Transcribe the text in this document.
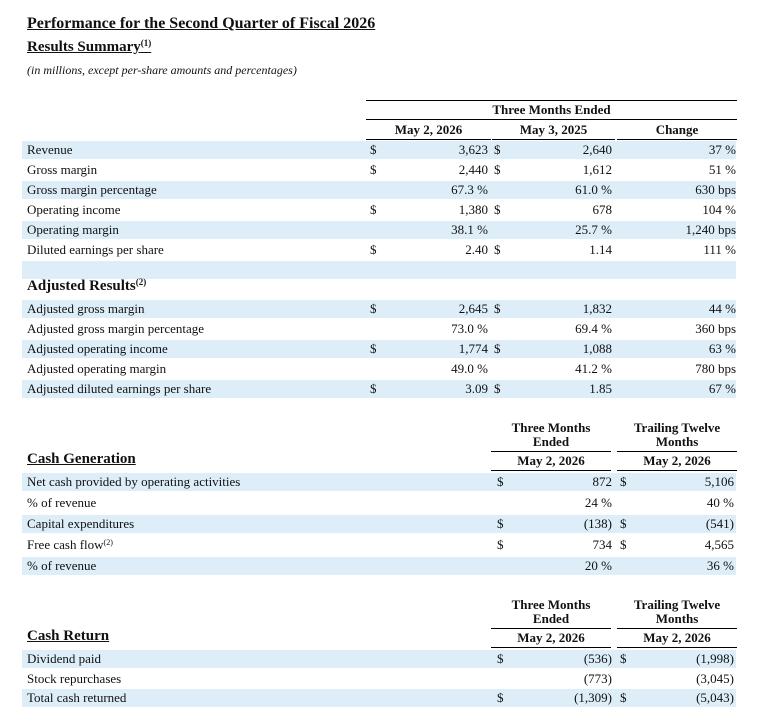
Performance for the Second Quarter of Fiscal 2026
Results Summary$^{(1)}$
(in millions, except per-share amounts and percentages)
Three Months Ended
May 2, 2026	May 3, 2025	Change
Revenue	$	3,623 $	2,640	37 %
Gross margin	$	2,440 $	1,612	51 %
Gross margin percentage	67.3 %	61.0 %	630 bps
Operating income	$	1,380 $	678	104 %
Operating margin	38.1 %	25.7 %	1,240 bps
Diluted earnings per share	$	2.40 $	1.14	111 %
Adjusted Results$^{(2)}$
Adjusted gross margin	$	2,645 $	1,832	44 %
Adjusted gross margin percentage	73.0 %	69.4 %	360 bps
Adjusted operating income	$	1,774 $	1,088	63 %
Adjusted operating margin	49.0 %	41.2 %	780 bps
Adjusted diluted earnings per share	$	3.09 $	1.85	67 %
Three Months
Ended
Trailing Twelve
Months
May 2, 2026	May 2, 2026
Cash Generation
Net cash provided by operating activities	$	872 $	5,106
% of revenue	24 %	40 %
Capital expenditures	$	(138) $	(541)
Free cash flow$^{(2)}$	$	734 $	4,565
% of revenue	20 %	36 %
Three Months
Ended
Trailing Twelve
Months
May 2, 2026	May 2, 2026
Cash Return
Dividend paid	$	(536) $	(1,998)
Stock repurchases	(773)	(3,045)
Total cash returned	$	(1,309) $	(5,043)
